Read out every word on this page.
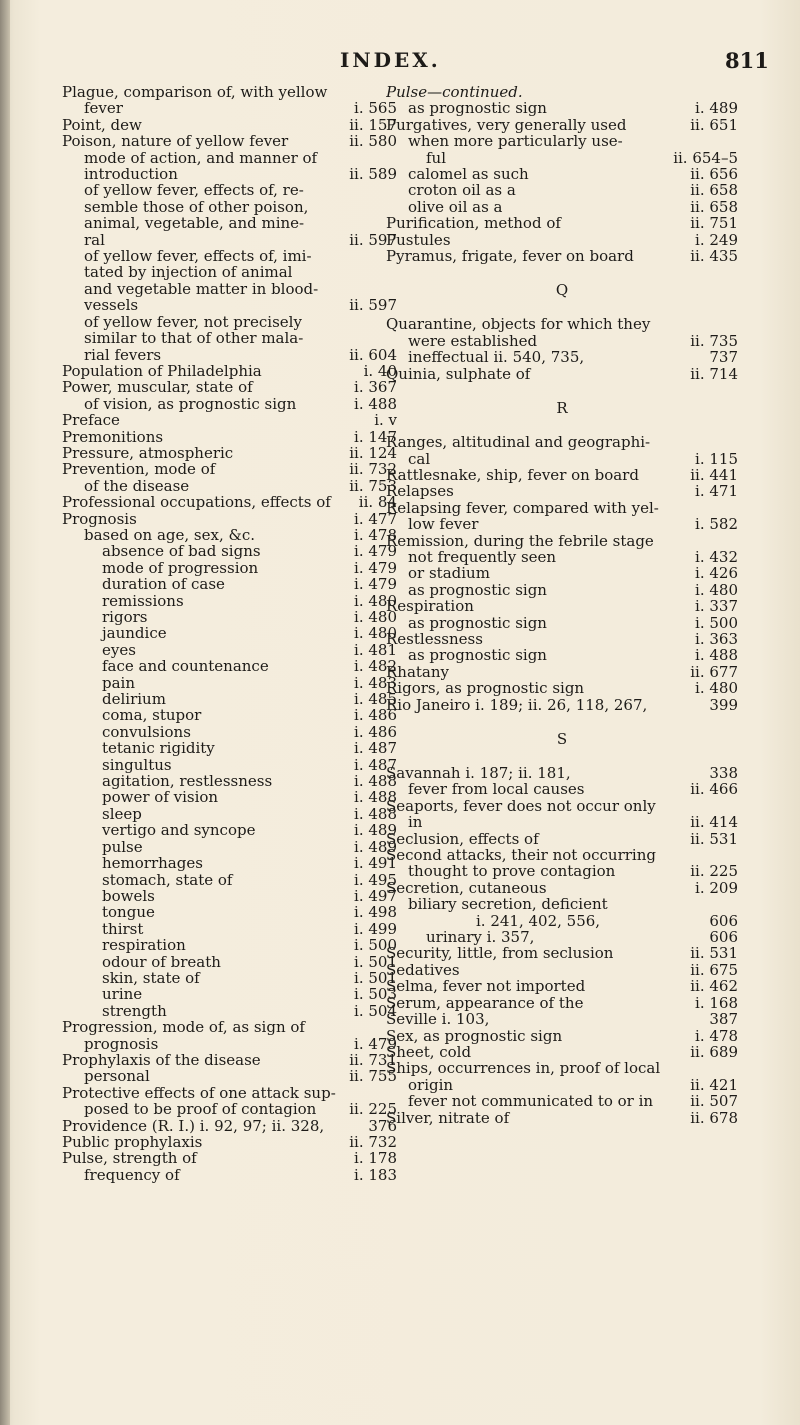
INDEX.	811
Plague, comparison of, with yellow
fever	i. 565
Point, dew	ii. 157
Poison, nature of yellow fever	ii. 580
mode of action, and manner of
introduction	ii. 589
of yellow fever, effects of, re-
semble those of other poison,
animal, vegetable, and mine-
ral	ii. 597
of yellow fever, effects of, imi-
tated by injection of animal
and vegetable matter in blood-
vessels	ii. 597
of yellow fever, not precisely
similar to that of other mala-
rial fevers	ii. 604
Population of Philadelphia	i. 40
Power, muscular, state of	i. 367
of vision, as prognostic sign	i. 488
Preface	i. v
Premonitions	i. 147
Pressure, atmospheric	ii. 124
Prevention, mode of	ii. 732
of the disease	ii. 753
Professional occupations, effects of	ii. 84
Prognosis	i. 477
based on age, sex, &c.	i. 478
absence of bad signs	i. 479
mode of progression	i. 479
duration of case	i. 479
remissions	i. 480
rigors	i. 480
jaundice	i. 480
eyes	i. 481
face and countenance	i. 482
pain	i. 483
delirium	i. 485
coma, stupor	i. 486
convulsions	i. 486
tetanic rigidity	i. 487
singultus	i. 487
agitation, restlessness	i. 488
power of vision	i. 488
sleep	i. 488
vertigo and syncope	i. 489
pulse	i. 489
hemorrhages	i. 491
stomach, state of	i. 495
bowels	i. 497
tongue	i. 498
thirst	i. 499
respiration	i. 500
odour of breath	i. 501
skin, state of	i. 501
urine	i. 503
strength	i. 504
Progression, mode of, as sign of
prognosis	i. 479
Prophylaxis of the disease	ii. 731
personal	ii. 755
Protective effects of one attack sup-
posed to be proof of contagion	ii. 225
Providence (R. I.) i. 92, 97; ii. 328,	376
Public prophylaxis	ii. 732
Pulse, strength of	i. 178
frequency of	i. 183
Pulse—continued.
as prognostic sign	i. 489
Purgatives, very generally used	ii. 651
when more particularly use-
ful	ii. 654–5
calomel as such	ii. 656
croton oil as a	ii. 658
olive oil as a	ii. 658
Purification, method of	ii. 751
Pustules	i. 249
Pyramus, frigate, fever on board	ii. 435
Q
Quarantine, objects for which they
were established	ii. 735
ineffectual ii. 540, 735,	737
Quinia, sulphate of	ii. 714
R
Ranges, altitudinal and geographi-
cal	i. 115
Rattlesnake, ship, fever on board	ii. 441
Relapses	i. 471
Relapsing fever, compared with yel-
low fever	i. 582
Remission, during the febrile stage
not frequently seen	i. 432
or stadium	i. 426
as prognostic sign	i. 480
Respiration	i. 337
as prognostic sign	i. 500
Restlessness	i. 363
as prognostic sign	i. 488
Rhatany	ii. 677
Rigors, as prognostic sign	i. 480
Rio Janeiro i. 189; ii. 26, 118, 267,	399
S
Savannah i. 187; ii. 181,	338
fever from local causes	ii. 466
Seaports, fever does not occur only
in	ii. 414
Seclusion, effects of	ii. 531
Second attacks, their not occurring
thought to prove contagion	ii. 225
Secretion, cutaneous	i. 209
biliary secretion, deficient
i. 241, 402, 556,	606
urinary i. 357,	606
Security, little, from seclusion	ii. 531
Sedatives	ii. 675
Selma, fever not imported	ii. 462
Serum, appearance of the	i. 168
Seville i. 103,	387
Sex, as prognostic sign	i. 478
Sheet, cold	ii. 689
Ships, occurrences in, proof of local
origin	ii. 421
fever not communicated to or in	ii. 507
Silver, nitrate of	ii. 678
